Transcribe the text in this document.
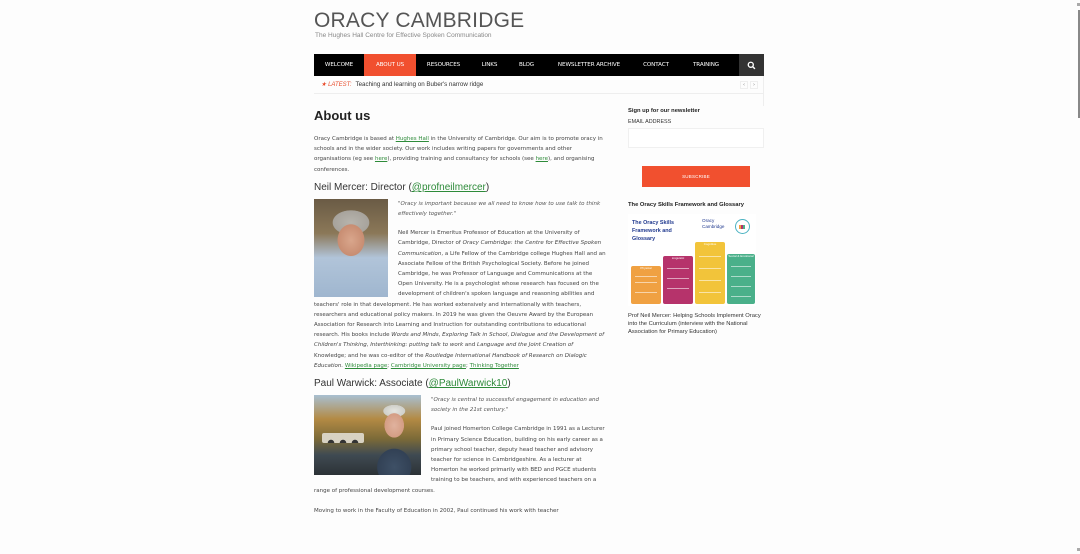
ORACY CAMBRIDGE
The Hughes Hall Centre for Effective Spoken Communication
WELCOME	ABOUT US	RESOURCES	LINKS	BLOG	NEWSLETTER ARCHIVE	CONTACT	TRAINING
★ LATEST: Teaching and learning on Buber's narrow ridge	‹	›
About us

Oracy Cambridge is based at Hughes Hall in the University of Cambridge. Our aim is to promote oracy in schools and in the wider society. Our work includes writing papers for governments and other organisations (eg see here), providing training and consultancy for schools (see here), and organising conferences.

Neil Mercer: Director (@profneilmercer)

"Oracy is important because we all need to know how to use talk to think effectively together."

Neil Mercer is Emeritus Professor of Education at the University of Cambridge, Director of Oracy Cambridge: the Centre for Effective Spoken Communication, a Life Fellow of the Cambridge college Hughes Hall and an Associate Fellow of the British Psychological Society. Before he joined Cambridge, he was Professor of Language and Communications at the Open University. He is a psychologist whose research has focused on the development of children's spoken language and reasoning abilities and teachers' role in that development. He has worked extensively and internationally with teachers, researchers and educational policy makers. In 2019 he was given the Oeuvre Award by the European Association for Research into Learning and Instruction for outstanding contributions to educational research. His books include Words and Minds, Exploring Talk in School, Dialogue and the Development of Children's Thinking, Interthinking: putting talk to work and Language and the Joint Creation of Knowledge; and he was co-editor of the Routledge International Handbook of Research on Dialogic Education. Wikipedia page; Cambridge University page; Thinking Together

Paul Warwick: Associate (@PaulWarwick10)

"Oracy is central to successful engagement in education and society in the 21st century."

Paul joined Homerton College Cambridge in 1991 as a Lecturer in Primary Science Education, building on his early career as a primary school teacher, deputy head teacher and advisory teacher for science in Cambridgeshire. As a lecturer at Homerton he worked primarily with BED and PGCE students training to be teachers, and with experienced teachers on a range of professional development courses.

Moving to work in the Faculty of Education in 2002, Paul continued his work with teacher

Sign up for our newsletter
EMAIL ADDRESS
SUBSCRIBE
The Oracy Skills Framework and Glossary
The Oracy Skills Framework and Glossary
Oracy Cambridge
Physical
Linguistic
Cognitive
Social & Emotional
Prof Neil Mercer: Helping Schools Implement Oracy into the Curriculum (interview with the National Association for Primary Education)
